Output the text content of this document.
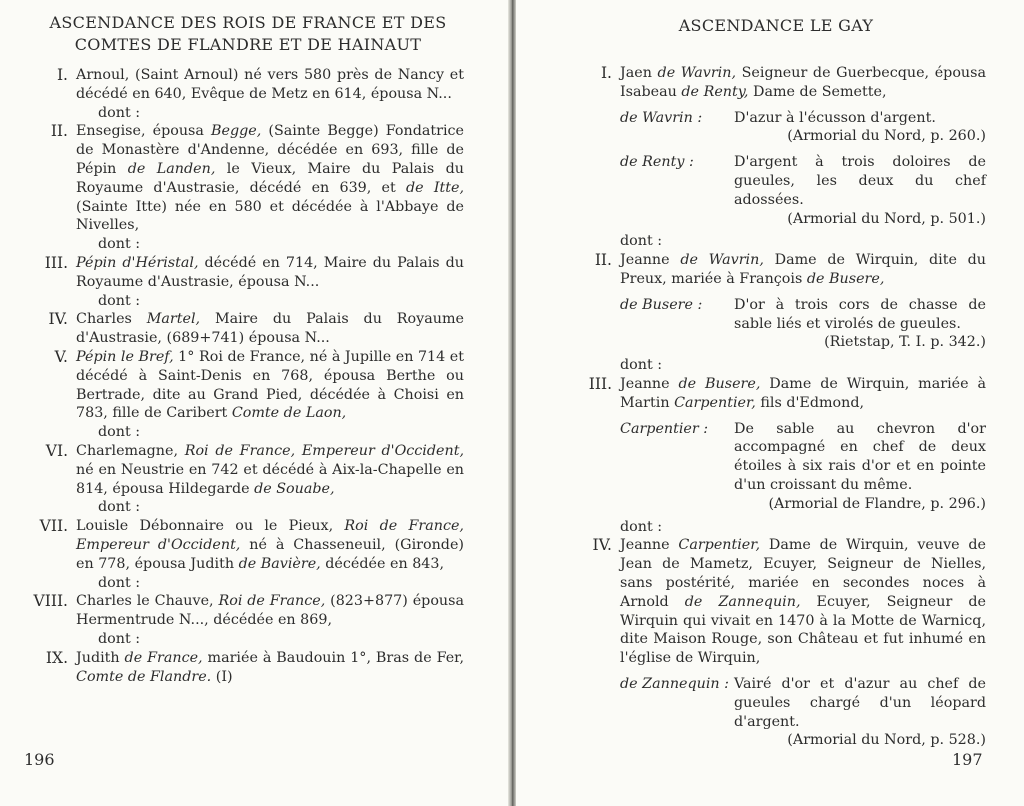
ASCENDANCE DES ROIS DE FRANCE ET DES COMTES DE FLANDRE ET DE HAINAUT
I. Arnoul, (Saint Arnoul) né vers 580 près de Nancy et décédé en 640, Evêque de Metz en 614, épousa N...
dont :
II. Ensegise, épousa Begge, (Sainte Begge) Fondatrice de Monastère d'Andenne, décédée en 693, fille de Pépin de Landen, le Vieux, Maire du Palais du Royaume d'Austrasie, décédé en 639, et de Itte, (Sainte Itte) née en 580 et décédée à l'Abbaye de Nivelles,
dont :
III. Pépin d'Héristal, décédé en 714, Maire du Palais du Royaume d'Austrasie, épousa N...
dont :
IV. Charles Martel, Maire du Palais du Royaume d'Austrasie, (689+741) épousa N...
V. Pépin le Bref, 1° Roi de France, né à Jupille en 714 et décédé à Saint-Denis en 768, épousa Berthe ou Bertrade, dite au Grand Pied, décédée à Choisi en 783, fille de Caribert Comte de Laon,
dont :
VI. Charlemagne, Roi de France, Empereur d'Occident, né en Neustrie en 742 et décédé à Aix-la-Chapelle en 814, épousa Hildegarde de Souabe,
dont :
VII. Louisle Débonnaire ou le Pieux, Roi de France, Empereur d'Occident, né à Chasseneuil, (Gironde) en 778, épousa Judith de Bavière, décédée en 843,
dont :
VIII. Charles le Chauve, Roi de France, (823+877) épousa Hermentrude N..., décédée en 869,
dont :
IX. Judith de France, mariée à Baudouin 1°, Bras de Fer, Comte de Flandre. (I)
196
ASCENDANCE LE GAY
I. Jaen de Wavrin, Seigneur de Guerbecque, épousa Isabeau de Renty, Dame de Semette,
de Wavrin :	D'azur à l'écusson d'argent.
(Armorial du Nord, p. 260.)
de Renty :	D'argent à trois doloires de gueules, les deux du chef adossées.
(Armorial du Nord, p. 501.)
dont :
II. Jeanne de Wavrin, Dame de Wirquin, dite du Preux, mariée à François de Busere,
de Busere :	D'or à trois cors de chasse de sable liés et virolés de gueules.
(Rietstap, T. I. p. 342.)
dont :
III. Jeanne de Busere, Dame de Wirquin, mariée à Martin Carpentier, fils d'Edmond,
Carpentier :	De sable au chevron d'or accompagné en chef de deux étoiles à six rais d'or et en pointe d'un croissant du même.
(Armorial de Flandre, p. 296.)
dont :
IV. Jeanne Carpentier, Dame de Wirquin, veuve de Jean de Mametz, Ecuyer, Seigneur de Nielles, sans postérité, mariée en secondes noces à Arnold de Zannequin, Ecuyer, Seigneur de Wirquin qui vivait en 1470 à la Motte de Warnicq, dite Maison Rouge, son Château et fut inhumé en l'église de Wirquin,
de Zannequin : Vairé d'or et d'azur au chef de gueules chargé d'un léopard d'argent.
(Armorial du Nord, p. 528.)
197
